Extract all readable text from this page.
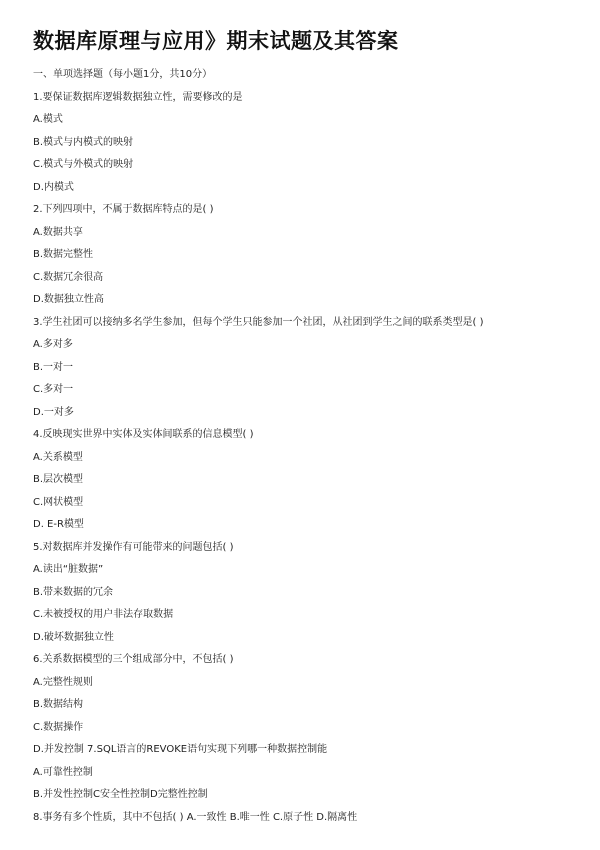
数据库原理与应用》期末试题及其答案
一、单项选择题（每小题1分，共10分）
1.要保证数据库逻辑数据独立性，需要修改的是
A.模式
B.模式与内模式的映射
C.模式与外模式的映射
D.内模式
2.下列四项中，不属于数据库特点的是( )
A.数据共享
B.数据完整性
C.数据冗余很高
D.数据独立性高
3.学生社团可以接纳多名学生参加，但每个学生只能参加一个社团，从社团到学生之间的联系类型是( )
A.多对多
B.一对一
C.多对一
D.一对多
4.反映现实世界中实体及实体间联系的信息模型( )
A.关系模型
B.层次模型
C.网状模型
D. E-R模型
5.对数据库并发操作有可能带来的问题包括( )
A.读出“脏数据”
B.带来数据的冗余
C.未被授权的用户非法存取数据
D.破坏数据独立性
6.关系数据模型的三个组成部分中，不包括( )
A.完整性规则
B.数据结构
C.数据操作
D.并发控制 7.SQL语言的REVOKE语句实现下列哪一种数据控制能
A.可靠性控制
B.并发性控制C安全性控制D完整性控制
8.事务有多个性质，其中不包括( ) A.一致性 B.唯一性 C.原子性 D.隔离性
